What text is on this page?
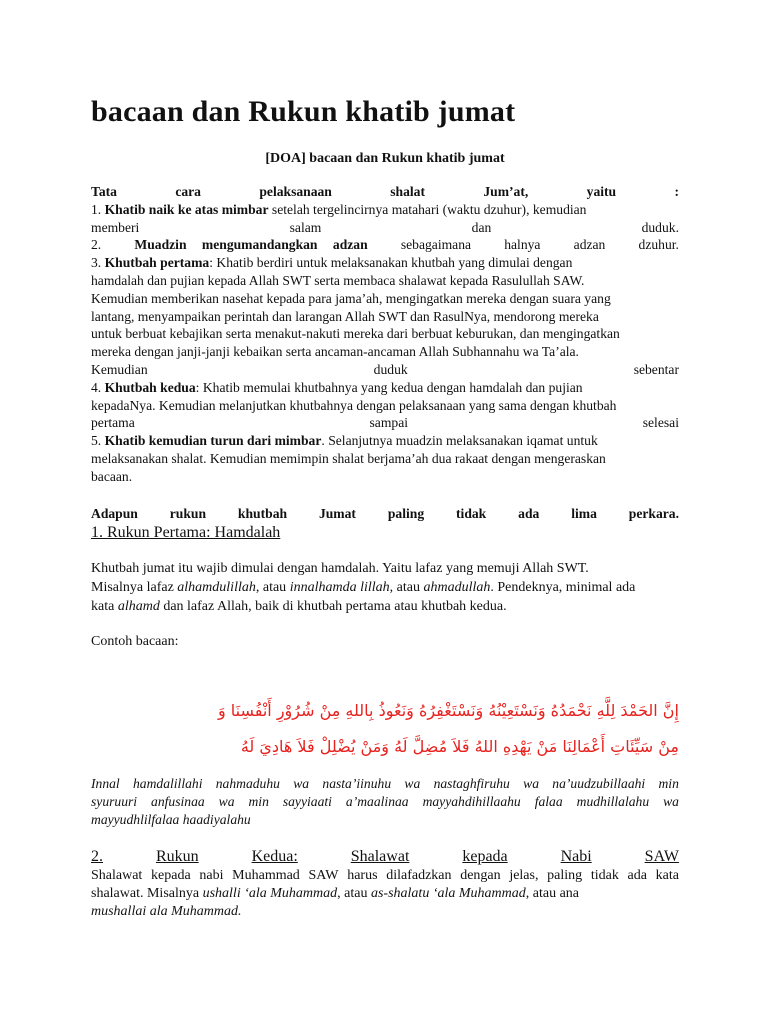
bacaan dan Rukun khatib jumat
[DOA] bacaan dan Rukun khatib jumat
Tata	cara	pelaksanaan	shalat	Jum’at,	yaitu	:
1. Khatib naik ke atas mimbar setelah tergelincirnya matahari (waktu dzuhur), kemudian
memberi	salam	dan	duduk.
2. Muadzin mengumandangkan adzan sebagaimana halnya adzan dzuhur.
3. Khutbah pertama: Khatib berdiri untuk melaksanakan khutbah yang dimulai dengan
hamdalah dan pujian kepada Allah SWT serta membaca shalawat kepada Rasulullah SAW.
Kemudian memberikan nasehat kepada para jama’ah, mengingatkan mereka dengan suara yang
lantang, menyampaikan perintah dan larangan Allah SWT dan RasulNya, mendorong mereka
untuk berbuat kebajikan serta menakut-nakuti mereka dari berbuat keburukan, dan mengingatkan
mereka dengan janji-janji kebaikan serta ancaman-ancaman Allah Subhannahu wa Ta’ala.
Kemudian	duduk	sebentar
4. Khutbah kedua: Khatib memulai khutbahnya yang kedua dengan hamdalah dan pujian
kepadaNya. Kemudian melanjutkan khutbahnya dengan pelaksanaan yang sama dengan khutbah
pertama	sampai	selesai
5. Khatib kemudian turun dari mimbar. Selanjutnya muadzin melaksanakan iqamat untuk
melaksanakan shalat. Kemudian memimpin shalat berjama’ah dua rakaat dengan mengeraskan
bacaan.
Adapun rukun khutbah Jumat paling tidak ada lima perkara.
1. Rukun Pertama: Hamdalah
Khutbah jumat itu wajib dimulai dengan hamdalah. Yaitu lafaz yang memuji Allah SWT.
Misalnya lafaz alhamdulillah, atau innalhamda lillah, atau ahmadullah. Pendeknya, minimal ada
kata alhamd dan lafaz Allah, baik di khutbah pertama atau khutbah kedua.
Contoh bacaan:
إِنَّ الحَمْدَ لِلَّهِ نَحْمَدُهُ وَنَسْتَعِيْنُهُ وَنَسْتَغْفِرُهُ وَنَعُوذُ بِاللهِ مِنْ شُرُوْرِ أَنْفُسِنَا وَ
مِنْ سَيِّئَاتِ أَعْمَالِنَا مَنْ يَهْدِهِ اللهُ فَلاَ مُضِلَّ لَهُ وَمَنْ يُضْلِلْ فَلاَ هَادِيَ لَهُ
Innal hamdalillahi nahmaduhu wa nasta’iinuhu wa nastaghfiruhu wa na’uudzubillaahi min
syuruuri anfusinaa wa min sayyiaati a’maalinaa mayyahdihillaahu falaa mudhillalahu wa
mayyudhlilfalaa haadiyalahu
2.	Rukun	Kedua:	Shalawat	kepada	Nabi	SAW
Shalawat kepada nabi Muhammad SAW harus dilafadzkan dengan jelas, paling tidak ada kata
shalawat. Misalnya ushalli ‘ala Muhammad, atau as-shalatu ‘ala Muhammad, atau ana
mushallai ala Muhammad.
